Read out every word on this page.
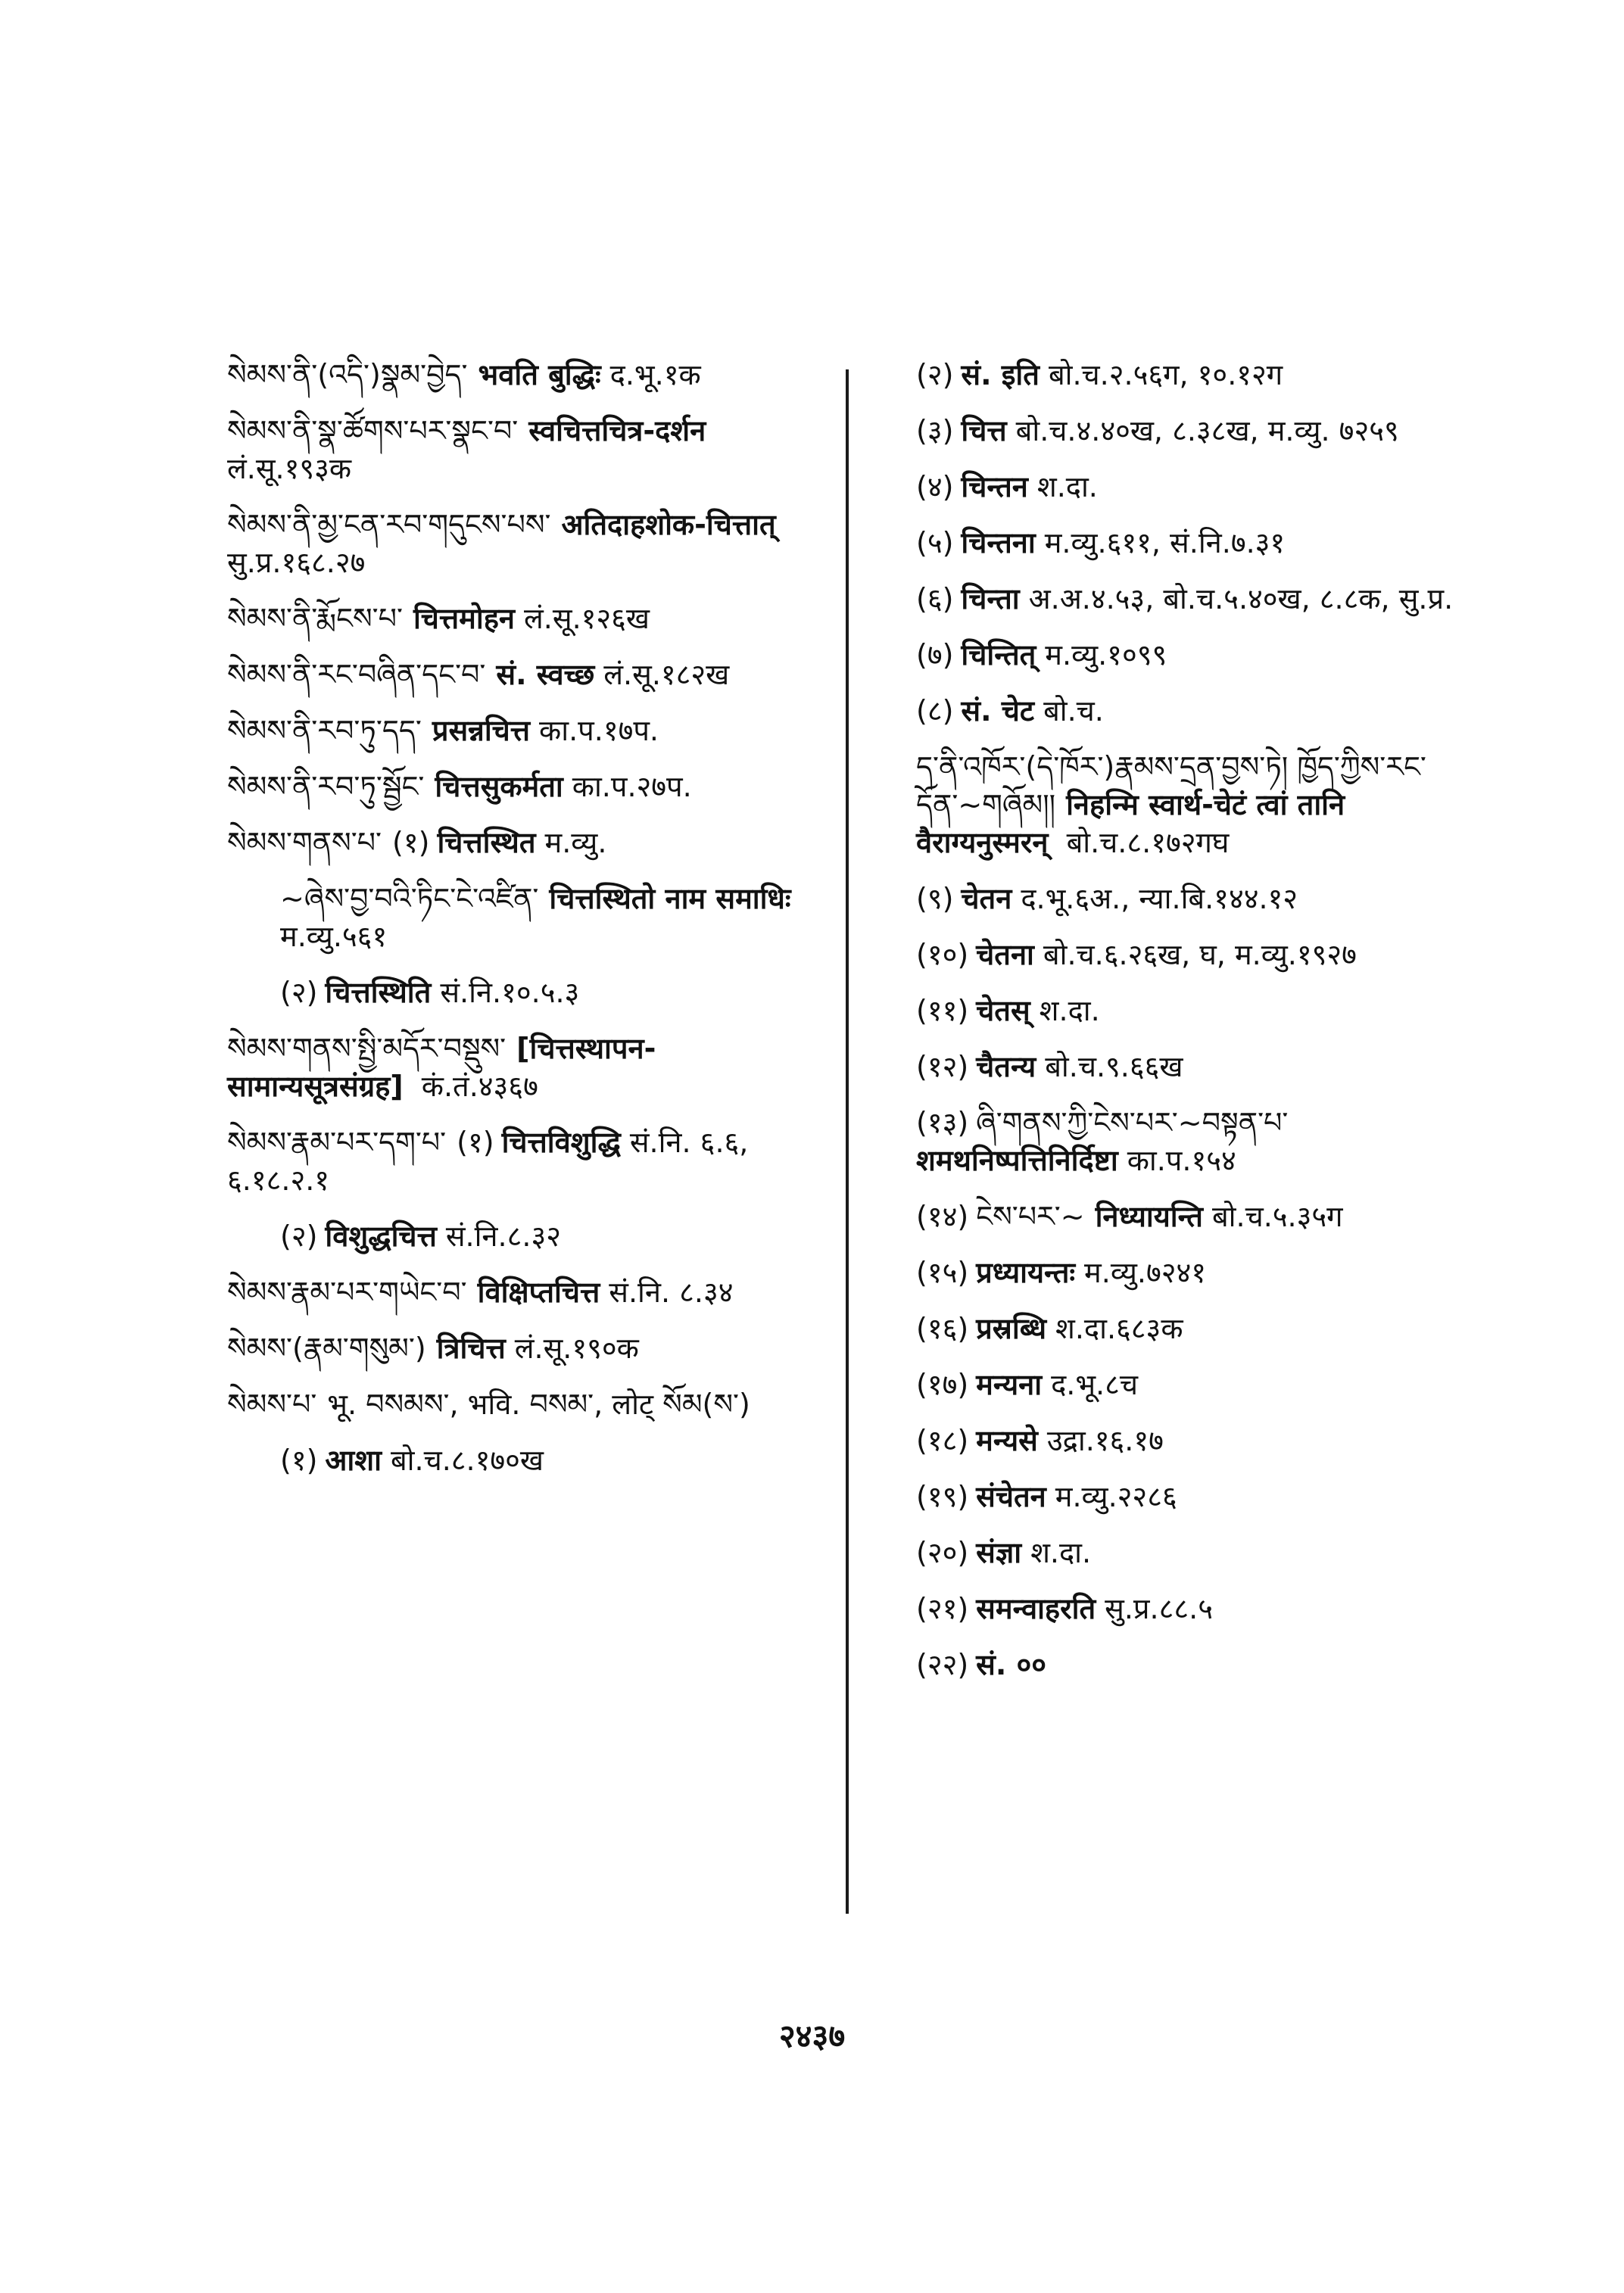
སེམས་ནི་(འདི་)སྣམ་བྱེད་ भवति बुद्धिः द.भू.१क
སེམས་ནི་སྣ་ཚོགས་པར་སྣང་བ་ स्वचित्तचित्र-दर्शन लं.सू.१९३क
སེམས་ནི་མྱ་ངན་རབ་གདུངས་པས་ अतिदाहशोक-चित्तात् सु.प्र.१६८.२७
སེམས་ནི་རྨོངས་པ་ चित्तमोहन लं.सू.१२६ख
སེམས་ནི་རང་བཞིན་དང་བ་ सं. स्वच्छ लं.सू.१८२ख
སེམས་ནི་རབ་ཏུ་དད་ प्रसन्नचित्त का.प.१७प.
སེམས་ནི་རབ་ཏུ་སྦྱོང་ चित्तसुकर्मता का.प.२७प.
སེམས་གནས་པ་ (१) चित्तस्थित म.व्यु.
~ཞེས་བྱ་བའི་ཏིང་ངེ་འཛིན་ चित्तस्थितो नाम समाधिः म.व्यु.५६१
(२) चित्तस्थिति सं.नि.१०.५.३
སེམས་གནས་སྤྱི་མདོར་བསྡུས་ [चित्तस्थापन-सामान्यसूत्रसंग्रह] कं.तं.४३६७
སེམས་རྣམ་པར་དག་པ་ (१) चित्तविशुद्धि सं.नि. ६.६, ६.१८.२.१
(२) विशुद्धचित्त सं.नि.८.३२
སེམས་རྣམ་པར་གཡེང་བ་ विक्षिप्तचित्त सं.नि. ८.३४
སེམས་(རྣམ་གསུམ་) त्रिचित्त लं.सू.१९०क
སེམས་པ་ भू. བསམས་, भवि. བསམ་, लोट् སོམ(ས་)
(१) आशा बो.च.८.१७०ख
(२) सं. इति बो.च.२.५६ग, १०.१२ग
(३) चित्त बो.च.४.४०ख, ८.३८ख, म.व्यु. ७२५९
(४) चिन्तन श.दा.
(५) चिन्तना म.व्यु.६११, सं.नि.७.३१
(६) चिन्ता अ.अ.४.५३, बो.च.५.४०ख, ८.८क, सु.प्र.
(७) चिन्तित् म.व्यु.१०९९
(८) सं. चेट बो.च.
ད་ནི་འཁོར་(དེ་ཁོར་)རྣམས་དྲན་བྱས་ཏེ། ཁྱོད་ཀྱིས་རང་དོན་~གཞོམ།། निहन्मि स्वार्थ-चेटं त्वां तानि वैराग्यनुस्मरन् बो.च.८.१७२गघ
(९) चेतन द.भू.६अ., न्या.बि.१४४.१२
(१०) चेतना बो.च.६.२६ख, घ, म.व्यु.१९२७
(११) चेतस् श.दा.
(१२) चैतन्य बो.च.९.६६ख
(१३) ཞི་གནས་ཀྱི་ངེས་པར་~བསྟན་པ་ शमथनिष्पत्तिनिर्दिष्टा का.प.१५४
(१४) ངེས་པར་~ निध्यायन्ति बो.च.५.३५ग
(१५) प्रध्यायन्तः म.व्यु.७२४१
(१६) प्रस्रब्धि श.दा.६८३क
(१७) मन्यना द.भू.८च
(१८) मन्यसे उद्रा.१६.१७
(१९) संचेतन म.व्यु.२२८६
(२०) संज्ञा श.दा.
(२१) समन्वाहरति सु.प्र.८८.५
(२२) सं. ००
२४३७
